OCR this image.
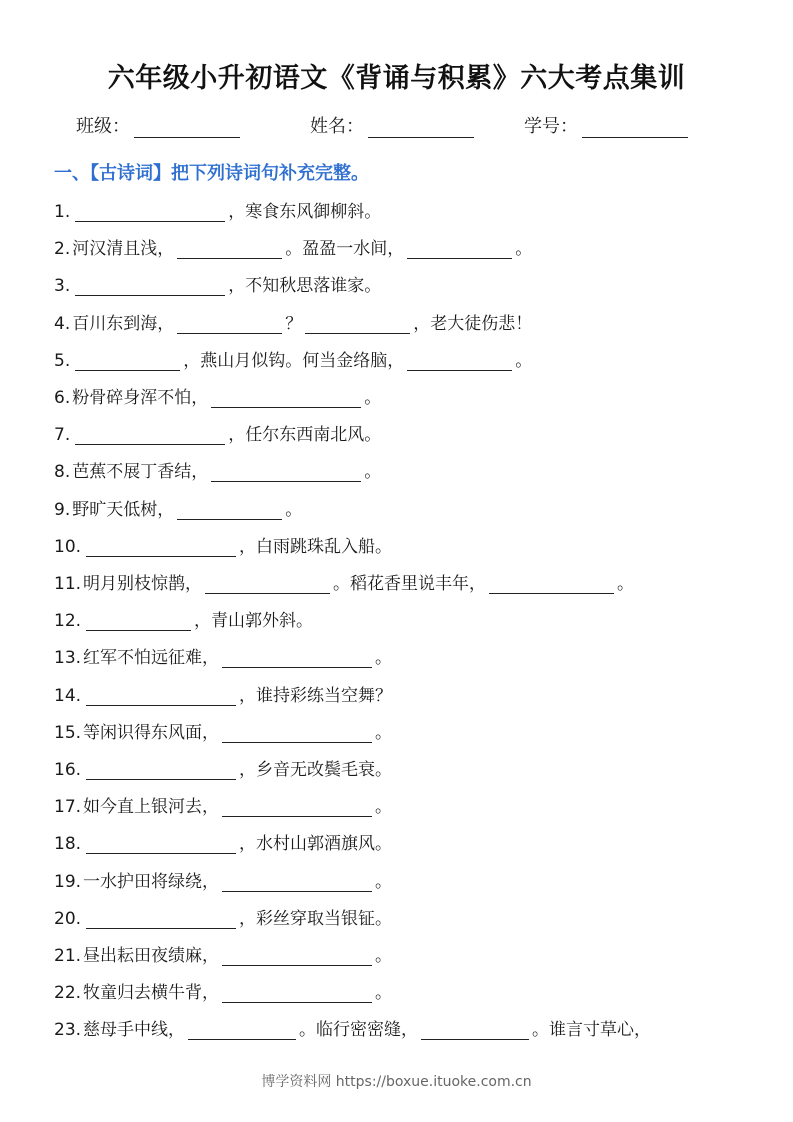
六年级小升初语文《背诵与积累》六大考点集训
班级：	姓名：	学号：
一、【古诗词】把下列诗词句补充完整。
1.	，寒食东风御柳斜。
2. 河汉清且浅，	。盈盈一水间，	。
3.	，不知秋思落谁家。
4. 百川东到海，	？	，老大徒伤悲！
5.	，燕山月似钩。何当金络脑，	。
6. 粉骨碎身浑不怕，	。
7.	，任尔东西南北风。
8. 芭蕉不展丁香结，	。
9. 野旷天低树，	。
10.	，白雨跳珠乱入船。
11. 明月别枝惊鹊，	。稻花香里说丰年，	。
12.	，青山郭外斜。
13. 红军不怕远征难，	。
14.	，谁持彩练当空舞？
15. 等闲识得东风面，	。
16.	，乡音无改鬓毛衰。
17. 如今直上银河去，	。
18.	，水村山郭酒旗风。
19. 一水护田将绿绕，	。
20.	，彩丝穿取当银钲。
21. 昼出耘田夜绩麻，	。
22. 牧童归去横牛背，	。
23. 慈母手中线，	。临行密密缝，	。谁言寸草心，
博学资料网 https://boxue.ituoke.com.cn
